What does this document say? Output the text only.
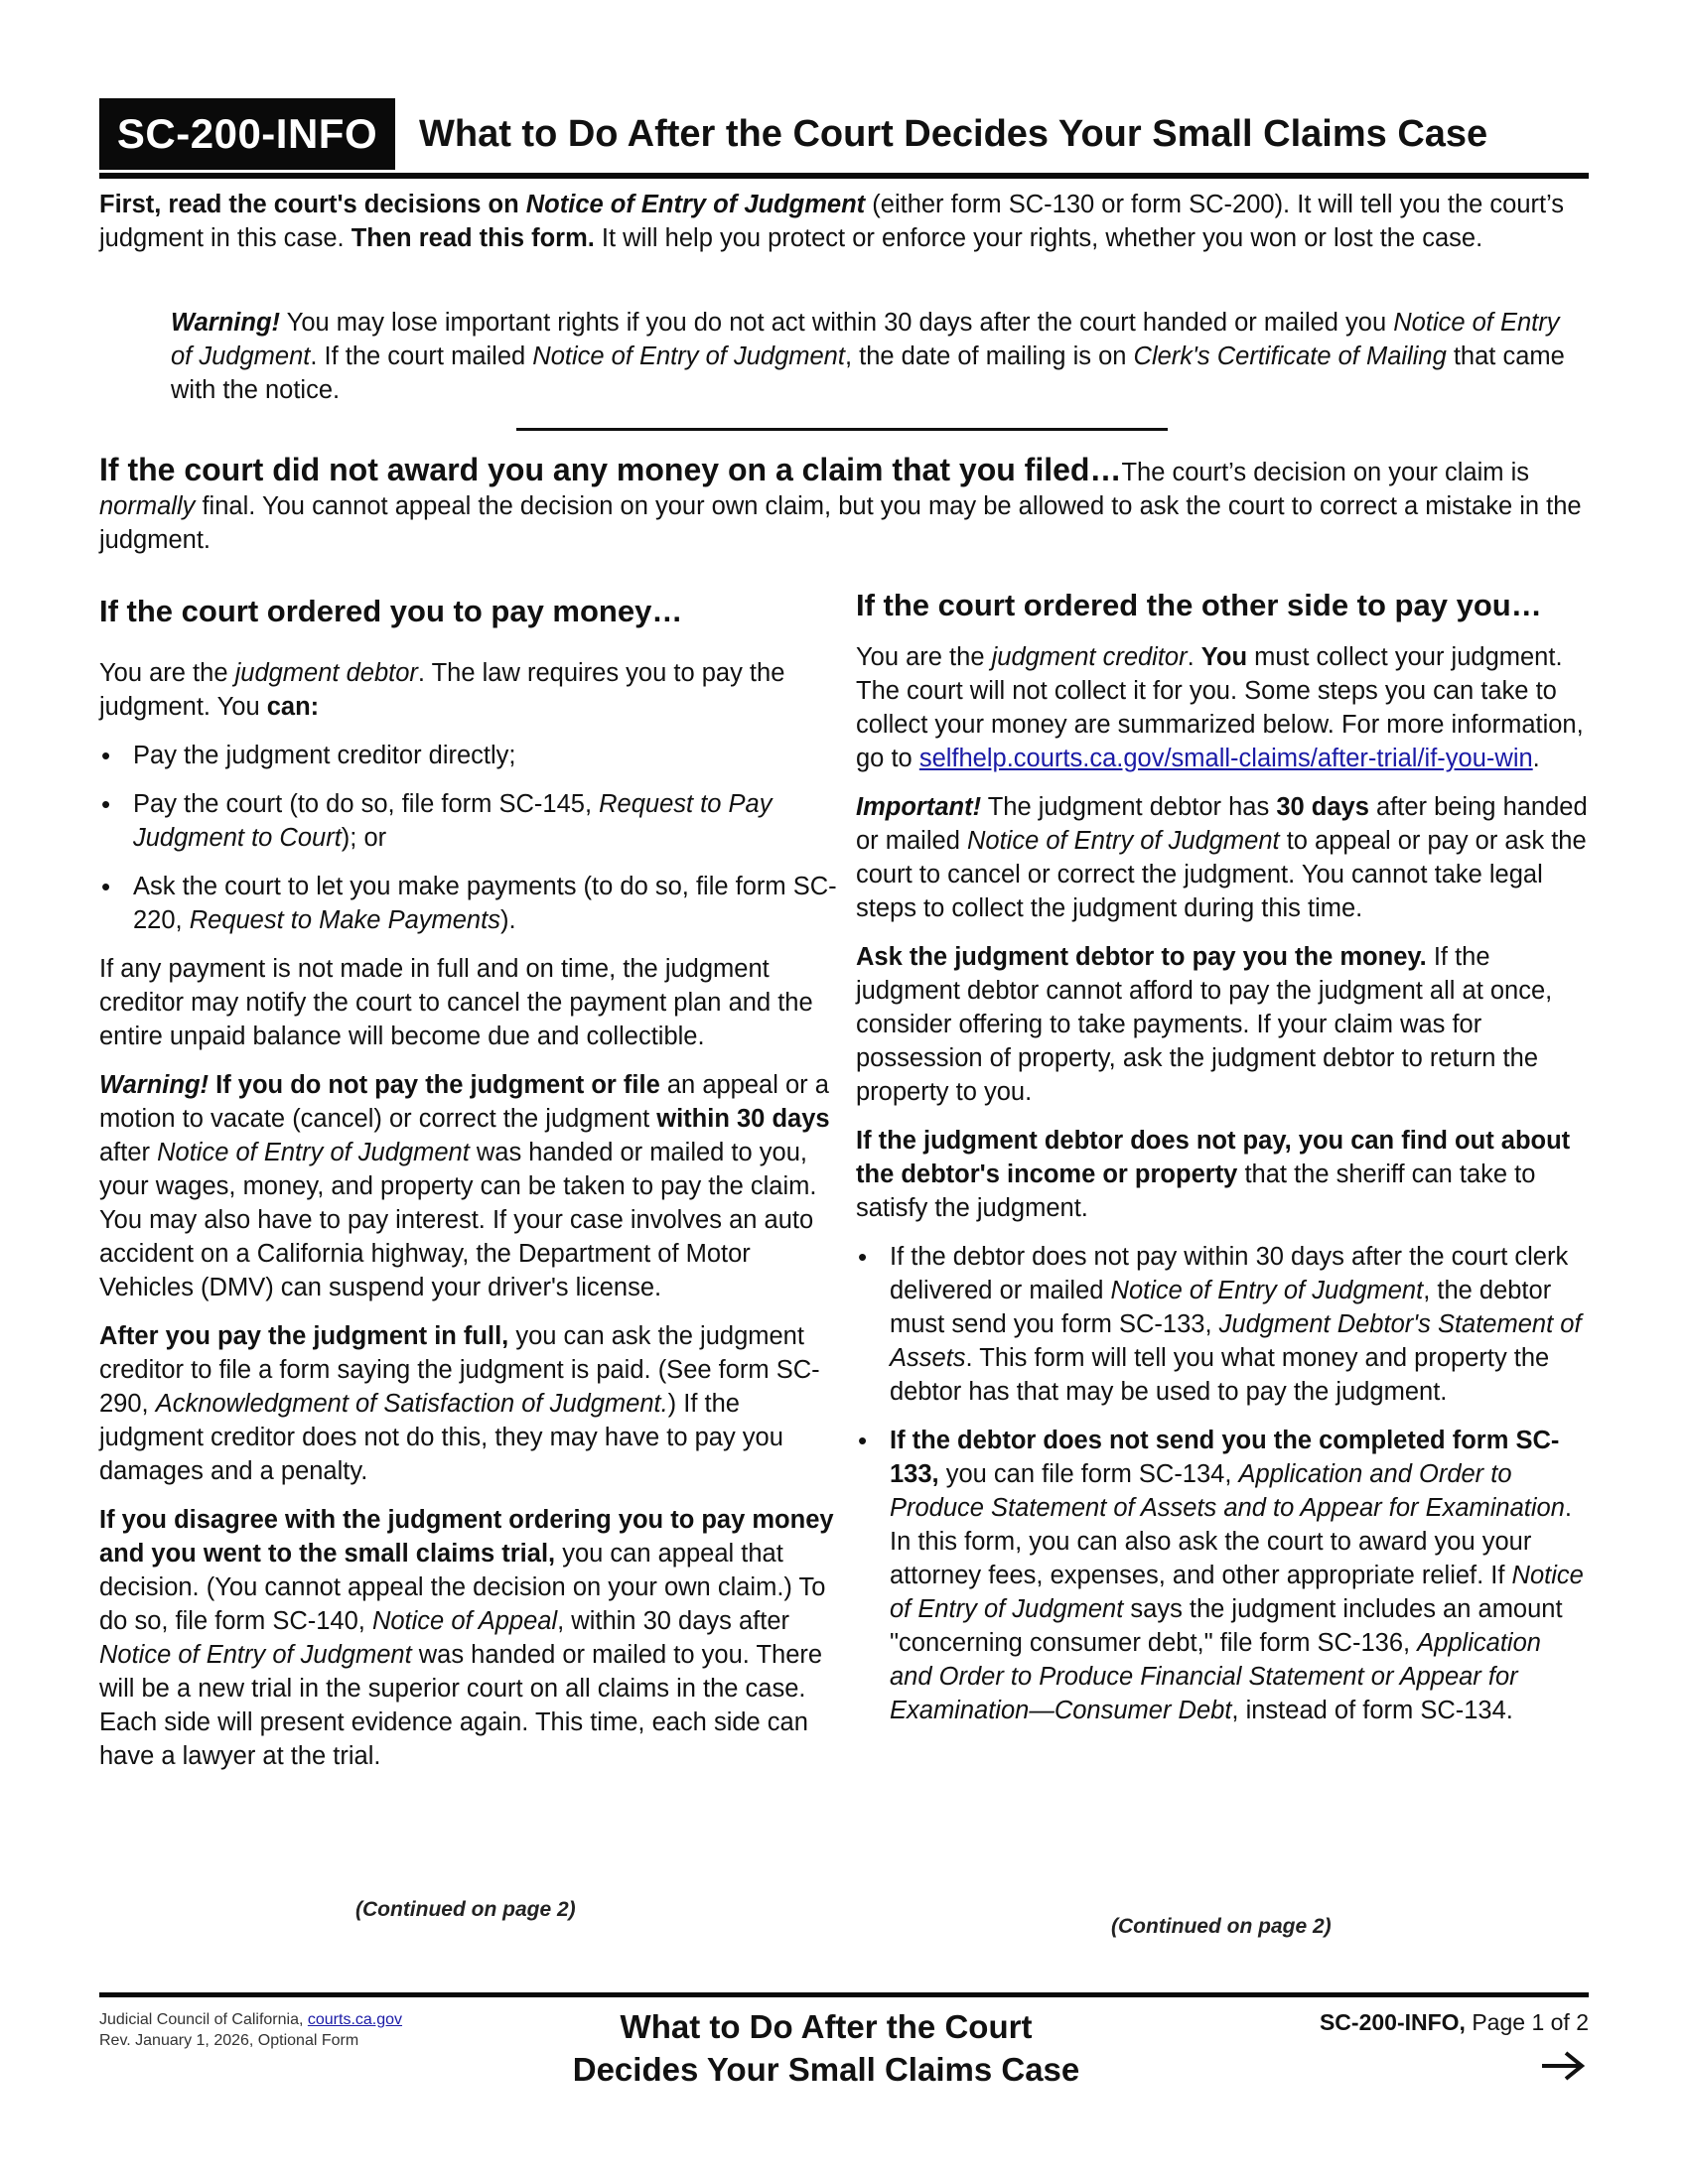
SC-200-INFO	What to Do After the Court Decides Your Small Claims Case

First, read the court's decisions on Notice of Entry of Judgment (either form SC-130 or form SC-200). It will tell you the court’s judgment in this case. Then read this form. It will help you protect or enforce your rights, whether you won or lost the case.

Warning! You may lose important rights if you do not act within 30 days after the court handed or mailed you Notice of Entry of Judgment. If the court mailed Notice of Entry of Judgment, the date of mailing is on Clerk's Certificate of Mailing that came with the notice.

If the court did not award you any money on a claim that you filed…The court’s decision on your claim is normally final. You cannot appeal the decision on your own claim, but you may be allowed to ask the court to correct a mistake in the judgment.

If the court ordered you to pay money…

You are the judgment debtor. The law requires you to pay the judgment. You can:

• Pay the judgment creditor directly;
• Pay the court (to do so, file form SC-145, Request to Pay Judgment to Court); or
• Ask the court to let you make payments (to do so, file form SC-220, Request to Make Payments).

If any payment is not made in full and on time, the judgment creditor may notify the court to cancel the payment plan and the entire unpaid balance will become due and collectible.

Warning! If you do not pay the judgment or file an appeal or a motion to vacate (cancel) or correct the judgment within 30 days after Notice of Entry of Judgment was handed or mailed to you, your wages, money, and property can be taken to pay the claim. You may also have to pay interest. If your case involves an auto accident on a California highway, the Department of Motor Vehicles (DMV) can suspend your driver's license.

After you pay the judgment in full, you can ask the judgment creditor to file a form saying the judgment is paid. (See form SC-290, Acknowledgment of Satisfaction of Judgment.) If the judgment creditor does not do this, they may have to pay you damages and a penalty.

If you disagree with the judgment ordering you to pay money and you went to the small claims trial, you can appeal that decision. (You cannot appeal the decision on your own claim.) To do so, file form SC-140, Notice of Appeal, within 30 days after Notice of Entry of Judgment was handed or mailed to you. There will be a new trial in the superior court on all claims in the case. Each side will present evidence again. This time, each side can have a lawyer at the trial.

(Continued on page 2)

If the court ordered the other side to pay you…

You are the judgment creditor. You must collect your judgment. The court will not collect it for you. Some steps you can take to collect your money are summarized below. For more information, go to selfhelp.courts.ca.gov/small-claims/after-trial/if-you-win.

Important! The judgment debtor has 30 days after being handed or mailed Notice of Entry of Judgment to appeal or pay or ask the court to cancel or correct the judgment. You cannot take legal steps to collect the judgment during this time.

Ask the judgment debtor to pay you the money. If the judgment debtor cannot afford to pay the judgment all at once, consider offering to take payments. If your claim was for possession of property, ask the judgment debtor to return the property to you.

If the judgment debtor does not pay, you can find out about the debtor's income or property that the sheriff can take to satisfy the judgment.

• If the debtor does not pay within 30 days after the court clerk delivered or mailed Notice of Entry of Judgment, the debtor must send you form SC-133, Judgment Debtor's Statement of Assets. This form will tell you what money and property the debtor has that may be used to pay the judgment.
• If the debtor does not send you the completed form SC-133, you can file form SC-134, Application and Order to Produce Statement of Assets and to Appear for Examination. In this form, you can also ask the court to award you your attorney fees, expenses, and other appropriate relief. If Notice of Entry of Judgment says the judgment includes an amount "concerning consumer debt," file form SC-136, Application and Order to Produce Financial Statement or Appear for Examination—Consumer Debt, instead of form SC-134.
(Continued on page 2)
Judicial Council of California, courts.ca.gov
Rev. January 1, 2026, Optional Form	What to Do After the Court
Decides Your Small Claims Case
SC-200-INFO, Page 1 of 2
